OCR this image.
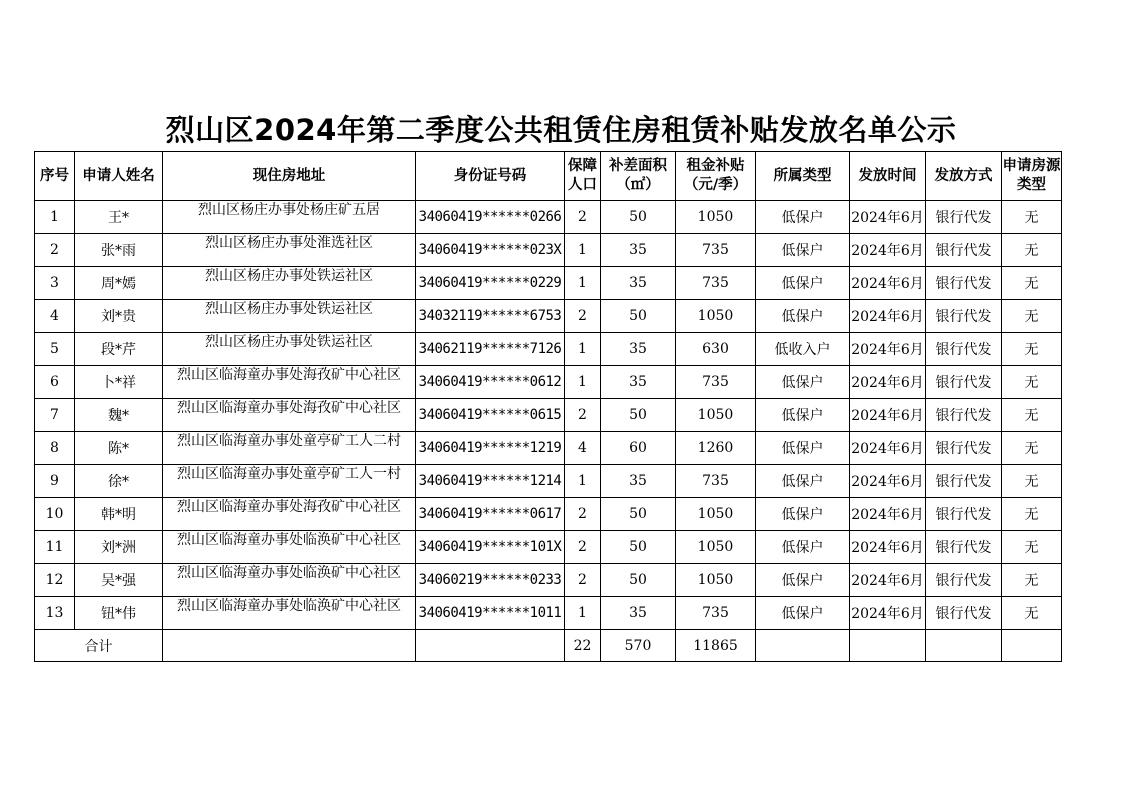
烈山区2024年第二季度公共租赁住房租赁补贴发放名单公示
序号	申请人姓名	现住房地址	身份证号码	保障人口	补差面积（㎡）	租金补贴（元/季）	所属类型	发放时间	发放方式	申请房源类型
1	王*	烈山区杨庄办事处杨庄矿五居	34060419******0266	2	50	1050	低保户	2024年6月	银行代发	无
2	张*雨	烈山区杨庄办事处淮选社区	34060419******023X	1	35	735	低保户	2024年6月	银行代发	无
3	周*嫣	烈山区杨庄办事处铁运社区	34060419******0229	1	35	735	低保户	2024年6月	银行代发	无
4	刘*贵	烈山区杨庄办事处铁运社区	34032119******6753	2	50	1050	低保户	2024年6月	银行代发	无
5	段*芹	烈山区杨庄办事处铁运社区	34062119******7126	1	35	630	低收入户	2024年6月	银行代发	无
6	卜*祥	烈山区临海童办事处海孜矿中心社区	34060419******0612	1	35	735	低保户	2024年6月	银行代发	无
7	魏*	烈山区临海童办事处海孜矿中心社区	34060419******0615	2	50	1050	低保户	2024年6月	银行代发	无
8	陈*	烈山区临海童办事处童亭矿工人二村	34060419******1219	4	60	1260	低保户	2024年6月	银行代发	无
9	徐*	烈山区临海童办事处童亭矿工人一村	34060419******1214	1	35	735	低保户	2024年6月	银行代发	无
10	韩*明	烈山区临海童办事处海孜矿中心社区	34060419******0617	2	50	1050	低保户	2024年6月	银行代发	无
11	刘*洲	烈山区临海童办事处临涣矿中心社区	34060419******101X	2	50	1050	低保户	2024年6月	银行代发	无
12	吴*强	烈山区临海童办事处临涣矿中心社区	34060219******0233	2	50	1050	低保户	2024年6月	银行代发	无
13	钮*伟	烈山区临海童办事处临涣矿中心社区	34060419******1011	1	35	735	低保户	2024年6月	银行代发	无
合计				22	570	11865				
